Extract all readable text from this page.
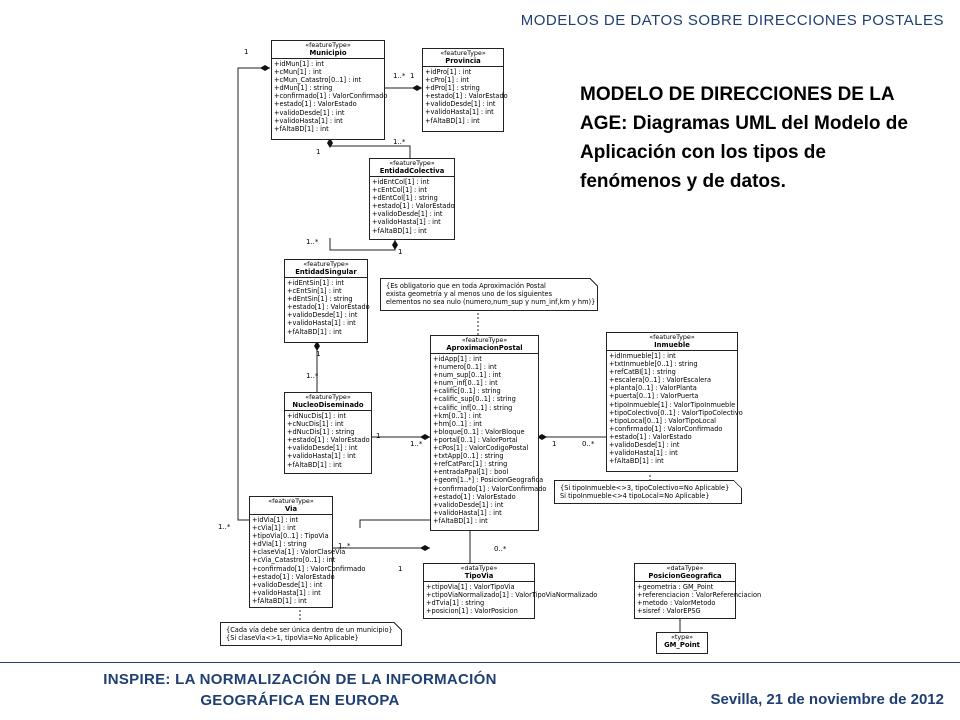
MODELOS DE DATOS SOBRE DIRECCIONES POSTALES
«featureType»
Municipio
+idMun[1] : int
+cMun[1] : int
+cMun_Catastro[0..1] : int
+dMun[1] : string
+confirmado[1] : ValorConfirmado
+estado[1] : ValorEstado
+validoDesde[1] : int
+validoHasta[1] : int
+fAltaBD[1] : int
«featureType»
Provincia
+idPro[1] : int
+cPro[1] : int
+dPro[1] : string
+estado[1] : ValorEstado
+validoDesde[1] : int
+validoHasta[1] : int
+fAltaBD[1] : int
«featureType»
EntidadColectiva
+idEntCol[1] : int
+cEntCol[1] : int
+dEntCol[1] : string
+estado[1] : ValorEstado
+validoDesde[1] : int
+validoHasta[1] : int
+fAltaBD[1] : int
«featureType»
EntidadSingular
+idEntSin[1] : int
+cEntSin[1] : int
+dEntSin[1] : string
+estado[1] : ValorEstado
+validoDesde[1] : int
+validoHasta[1] : int
+fAltaBD[1] : int
«featureType»
NucleoDiseminado
+idNucDis[1] : int
+cNucDis[1] : int
+dNucDis[1] : string
+estado[1] : ValorEstado
+validoDesde[1] : int
+validoHasta[1] : int
+fAltaBD[1] : int
«featureType»
AproximacionPostal
+idApp[1] : int
+numero[0..1] : int
+num_sup[0..1] : int
+num_inf[0..1] : int
+calific[0..1] : string
+calific_sup[0..1] : string
+calific_inf[0..1] : string
+km[0..1] : int
+hm[0..1] : int
+bloque[0..1] : ValorBloque
+portal[0..1] : ValorPortal
+cPos[1] : ValorCodigoPostal
+txtApp[0..1] : string
+refCatParc[1] : string
+entradaPpal[1] : bool
+geom[1..*] : PosicionGeografica
+confirmado[1] : ValorConfirmado
+estado[1] : ValorEstado
+validoDesde[1] : int
+validoHasta[1] : int
+fAltaBD[1] : int
«featureType»
Inmueble
+idInmueble[1] : int
+txtInmueble[0..1] : string
+refCatBI[1] : string
+escalera[0..1] : ValorEscalera
+planta[0..1] : ValorPlanta
+puerta[0..1] : ValorPuerta
+tipoInmueble[1] : ValorTipoInmueble
+tipoColectivo[0..1] : ValorTipoColectivo
+tipoLocal[0..1] : ValorTipoLocal
+confirmado[1] : ValorConfirmado
+estado[1] : ValorEstado
+validoDesde[1] : int
+validoHasta[1] : int
+fAltaBD[1] : int
«featureType»
Via
+idVia[1] : int
+cVia[1] : int
+tipoVia[0..1] : TipoVia
+dVia[1] : string
+claseVia[1] : ValorClaseVia
+cVia_Catastro[0..1] : int
+confirmado[1] : ValorConfirmado
+estado[1] : ValorEstado
+validoDesde[1] : int
+validoHasta[1] : int
+fAltaBD[1] : int
«dataType»
TipoVia
+ctipoVia[1] : ValorTipoVia
+ctipoViaNormalizado[1] : ValorTipoViaNormalizado
+dTvia[1] : string
+posicion[1] : ValorPosicion
«dataType»
PosicionGeografica
+geometria : GM_Point
+referenciacion : ValorReferenciacion
+metodo : ValorMetodo
+sisref : ValorEPSG
«type»
GM_Point
{Es obligatorio que en toda Aproximación Postal
exista geometría y al menos uno de los siguientes
elementos no sea nulo (numero,num_sup y num_inf,km y hm)}
{Si tipoInmueble<>3, tipoColectivo=No Aplicable}
Si tipoInmueble<>4 tipoLocal=No Aplicable}
{Cada vía debe ser única dentro de un municipio}
{Si claseVia<>1, tipoVia=No Aplicable}
1
1..* 1
1..*
1
1..*
1
1..*
1
1..*
1
1..*
1	0..*
1..*	0..*
1
MODELO DE DIRECCIONES DE LA AGE: Diagramas UML del Modelo de Aplicación con los tipos de fenómenos y de datos.
INSPIRE: LA NORMALIZACIÓN DE LA INFORMACIÓN
GEOGRÁFICA EN EUROPA	Sevilla, 21 de noviembre de 2012
